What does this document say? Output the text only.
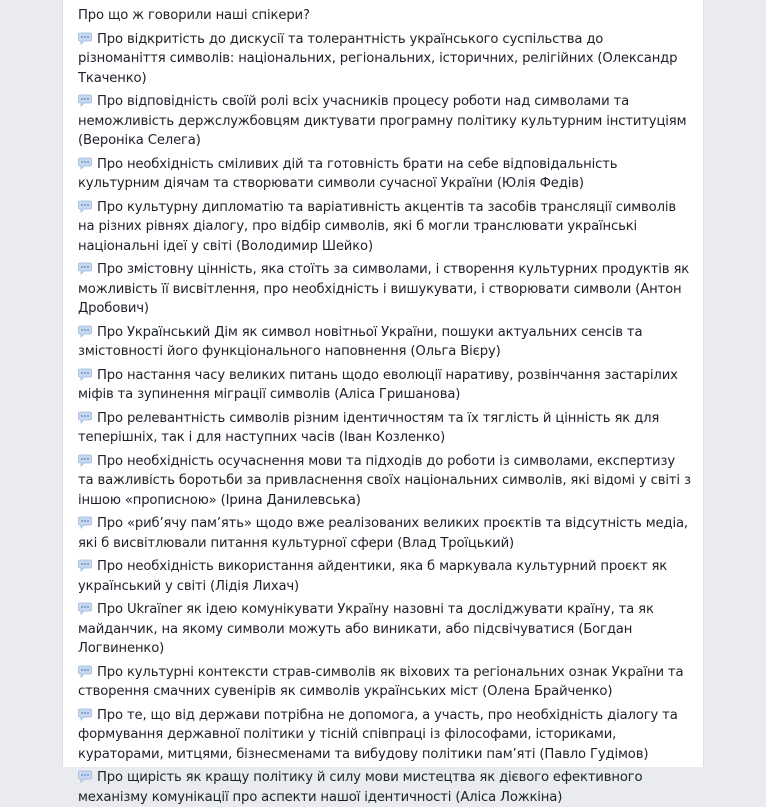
Про що ж говорили наші спікери?
Про відкритість до дискусії та толерантність українського суспільства до різноманіття символів: національних, регіональних, історичних, релігійних (Олександр Ткаченко)
Про відповідність своїй ролі всіх учасників процесу роботи над символами та неможливість держслужбовцям диктувати програмну політику культурним інституціям (Вероніка Селега)
Про необхідність сміливих дій та готовність брати на себе відповідальність культурним діячам та створювати символи сучасної України (Юлія Федів)
Про культурну дипломатію та варіативність акцентів та засобів трансляції символів на різних рівнях діалогу, про відбір символів, які б могли транслювати українські національні ідеї у світі (Володимир Шейко)
Про змістовну цінність, яка стоїть за символами, і створення культурних продуктів як можливість її висвітлення, про необхідність і вишукувати, і створювати символи (Антон Дробович)
Про Український Дім як символ новітньої України, пошуки актуальних сенсів та змістовності його функціонального наповнення (Ольга Вієру)
Про настання часу великих питань щодо еволюції наративу, розвінчання застарілих міфів та зупинення міграції символів (Аліса Гришанова)
Про релевантність символів різним ідентичностям та їх тяглість й цінність як для теперішніх, так і для наступних часів (Іван Козленко)
Про необхідність осучаснення мови та підходів до роботи із символами, експертизу та важливість боротьби за привласнення своїх національних символів, які відомі у світі з іншою «прописною» (Ірина Данилевська)
Про «риб’ячу пам’ять» щодо вже реалізованих великих проєктів та відсутність медіа, які б висвітлювали питання культурної сфери (Влад Троїцький)
Про необхідність використання айдентики, яка б маркувала культурний проєкт як український у світі (Лідія Лихач)
Про Ukraїner як ідею комунікувати Україну назовні та досліджувати країну, та як майданчик, на якому символи можуть або виникати, або підсвічуватися (Богдан Логвиненко)
Про культурні контексти страв-символів як віхових та регіональних ознак України та створення смачних сувенірів як символів українських міст (Олена Брайченко)
Про те, що від держави потрібна не допомога, а участь, про необхідність діалогу та формування державної політики у тісній співпраці із філософами, істориками, кураторами, митцями, бізнесменами та вибудову політики пам’яті (Павло Гудімов)
Про щирість як кращу політику й силу мови мистецтва як дієвого ефективного механізму комунікації про аспекти нашої ідентичності (Аліса Ложкіна)
